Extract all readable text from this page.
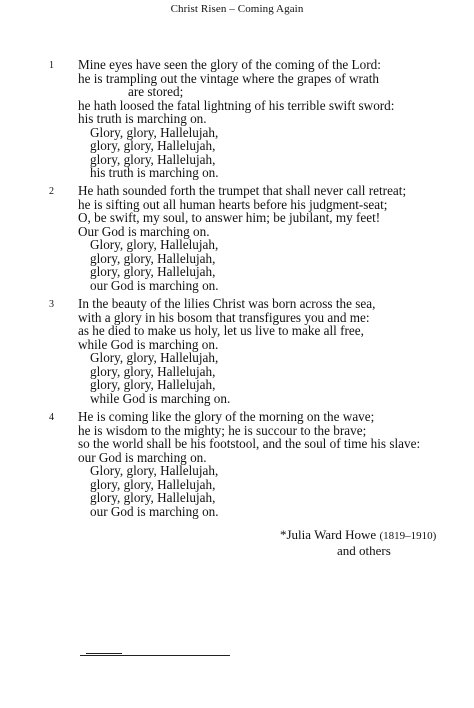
Christ Risen – Coming Again
1 Mine eyes have seen the glory of the coming of the Lord:
he is trampling out the vintage where the grapes of wrath
are stored;
he hath loosed the fatal lightning of his terrible swift sword:
his truth is marching on.
Glory, glory, Hallelujah,
glory, glory, Hallelujah,
glory, glory, Hallelujah,
his truth is marching on.
2 He hath sounded forth the trumpet that shall never call retreat;
he is sifting out all human hearts before his judgment-seat;
O, be swift, my soul, to answer him; be jubilant, my feet!
Our God is marching on.
Glory, glory, Hallelujah,
glory, glory, Hallelujah,
glory, glory, Hallelujah,
our God is marching on.
3 In the beauty of the lilies Christ was born across the sea,
with a glory in his bosom that transfigures you and me:
as he died to make us holy, let us live to make all free,
while God is marching on.
Glory, glory, Hallelujah,
glory, glory, Hallelujah,
glory, glory, Hallelujah,
while God is marching on.
4 He is coming like the glory of the morning on the wave;
he is wisdom to the mighty; he is succour to the brave;
so the world shall be his footstool, and the soul of time his slave:
our God is marching on.
Glory, glory, Hallelujah,
glory, glory, Hallelujah,
glory, glory, Hallelujah,
our God is marching on.
*Julia Ward Howe (1819–1910)
and others
